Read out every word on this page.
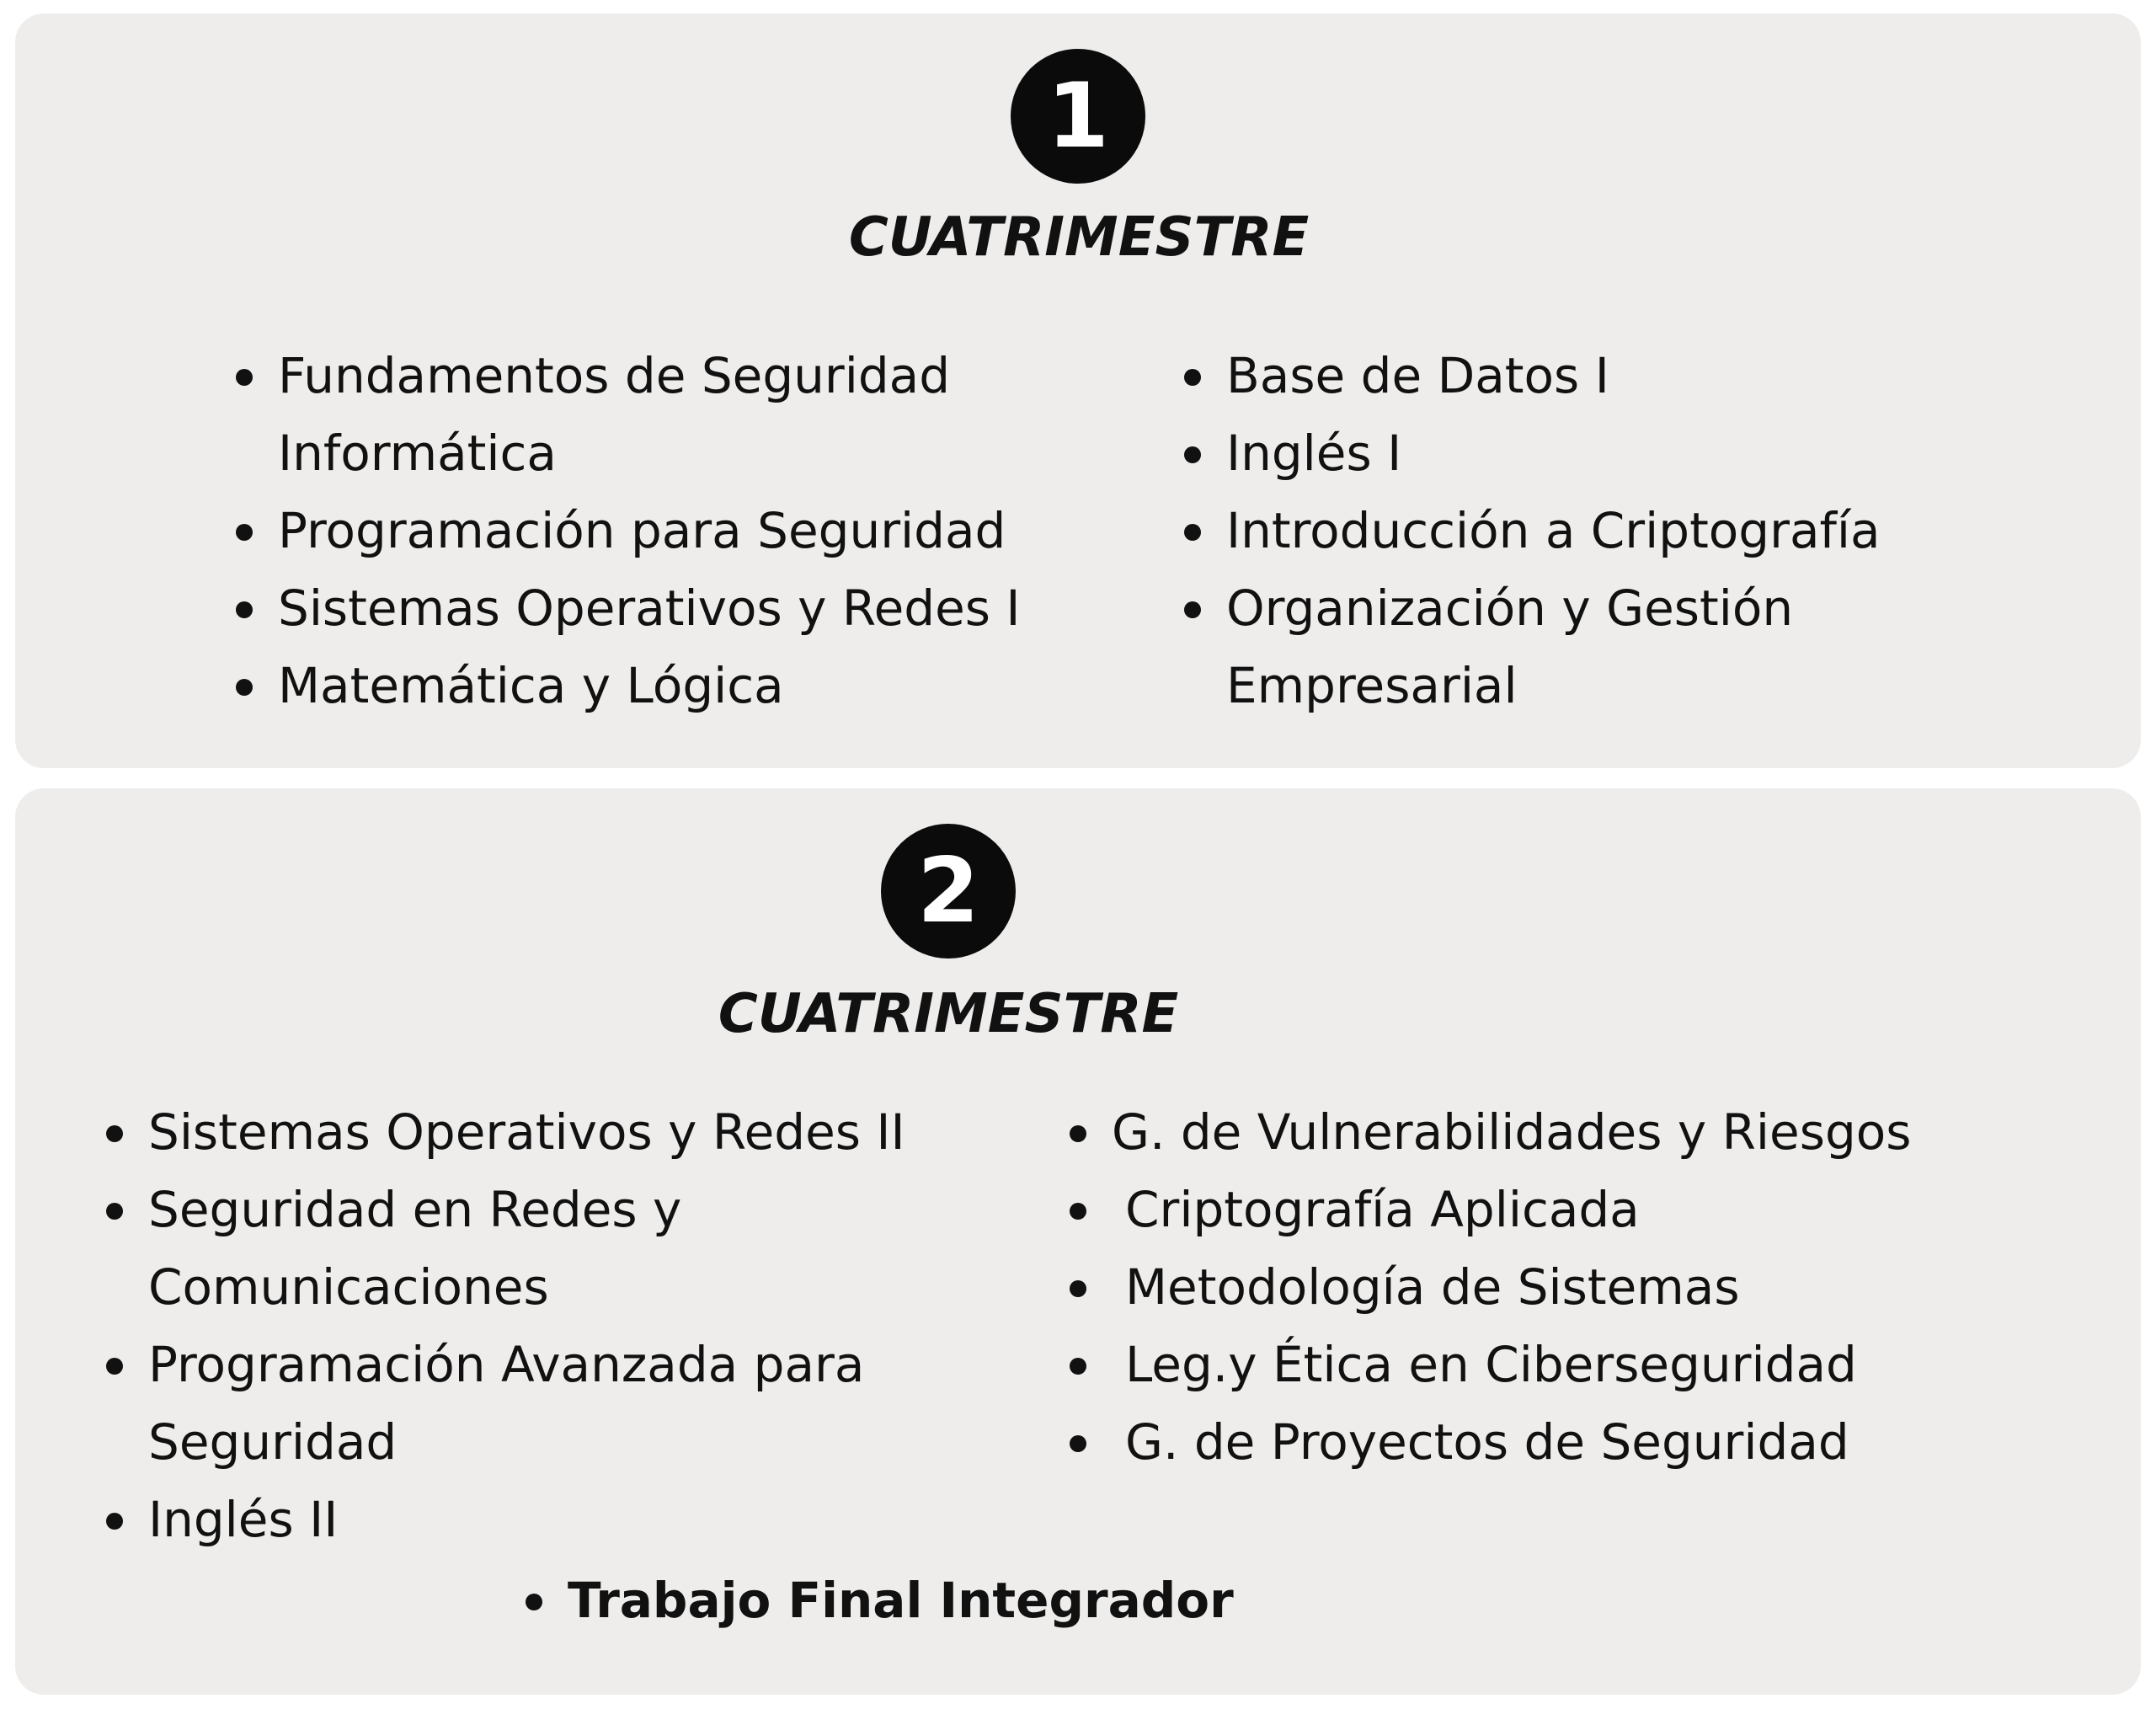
1
CUATRIMESTRE
Fundamentos de Seguridad
Informática
Programación para Seguridad
Sistemas Operativos y Redes I
Matemática y Lógica
Base de Datos I
Inglés I
Introducción a Criptografía
Organización y Gestión
Empresarial
2
CUATRIMESTRE
Sistemas Operativos y Redes II
Seguridad en Redes y
Comunicaciones
Programación Avanzada para
Seguridad
Inglés II
G. de Vulnerabilidades y Riesgos
Criptografía Aplicada
Metodología de Sistemas
Leg.y Ética en Ciberseguridad
G. de Proyectos de Seguridad
Trabajo Final Integrador
